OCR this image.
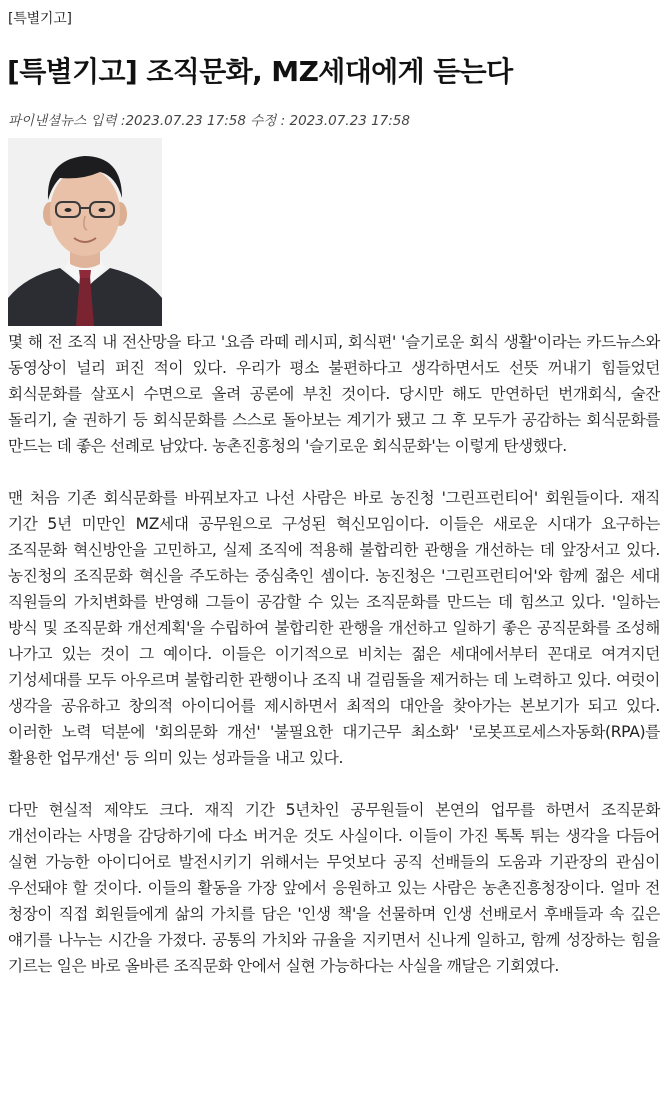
[특별기고]
[특별기고] 조직문화, MZ세대에게 듣는다
파이낸셜뉴스 입력 :2023.07.23 17:58 수정 : 2023.07.23 17:58

몇 해 전 조직 내 전산망을 타고 '요즘 라떼 레시피, 회식편' '슬기로운 회식 생활'이라는 카드뉴스와 동영상이 널리 퍼진 적이 있다. 우리가 평소 불편하다고 생각하면서도 선뜻 꺼내기 힘들었던 회식문화를 살포시 수면으로 올려 공론에 부친 것이다. 당시만 해도 만연하던 번개회식, 술잔 돌리기, 술 권하기 등 회식문화를 스스로 돌아보는 계기가 됐고 그 후 모두가 공감하는 회식문화를 만드는 데 좋은 선례로 남았다. 농촌진흥청의 '슬기로운 회식문화'는 이렇게 탄생했다.

맨 처음 기존 회식문화를 바꿔보자고 나선 사람은 바로 농진청 '그린프런티어' 회원들이다. 재직 기간 5년 미만인 MZ세대 공무원으로 구성된 혁신모임이다. 이들은 새로운 시대가 요구하는 조직문화 혁신방안을 고민하고, 실제 조직에 적용해 불합리한 관행을 개선하는 데 앞장서고 있다. 농진청의 조직문화 혁신을 주도하는 중심축인 셈이다. 농진청은 '그린프런티어'와 함께 젊은 세대 직원들의 가치변화를 반영해 그들이 공감할 수 있는 조직문화를 만드는 데 힘쓰고 있다. '일하는 방식 및 조직문화 개선계획'을 수립하여 불합리한 관행을 개선하고 일하기 좋은 공직문화를 조성해 나가고 있는 것이 그 예이다. 이들은 이기적으로 비치는 젊은 세대에서부터 꼰대로 여겨지던 기성세대를 모두 아우르며 불합리한 관행이나 조직 내 걸림돌을 제거하는 데 노력하고 있다. 여럿이 생각을 공유하고 창의적 아이디어를 제시하면서 최적의 대안을 찾아가는 본보기가 되고 있다.이러한 노력 덕분에 '회의문화 개선' '불필요한 대기근무 최소화' '로봇프로세스자동화(RPA)를 활용한 업무개선' 등 의미 있는 성과들을 내고 있다.

다만 현실적 제약도 크다. 재직 기간 5년차인 공무원들이 본연의 업무를 하면서 조직문화 개선이라는 사명을 감당하기에 다소 버거운 것도 사실이다. 이들이 가진 톡톡 튀는 생각을 다듬어 실현 가능한 아이디어로 발전시키기 위해서는 무엇보다 공직 선배들의 도움과 기관장의 관심이 우선돼야 할 것이다. 이들의 활동을 가장 앞에서 응원하고 있는 사람은 농촌진흥청장이다. 얼마 전 청장이 직접 회원들에게 삶의 가치를 담은 '인생 책'을 선물하며 인생 선배로서 후배들과 속 깊은 얘기를 나누는 시간을 가졌다. 공통의 가치와 규율을 지키면서 신나게 일하고, 함께 성장하는 힘을 기르는 일은 바로 올바른 조직문화 안에서 실현 가능하다는 사실을 깨달은 기회였다.
